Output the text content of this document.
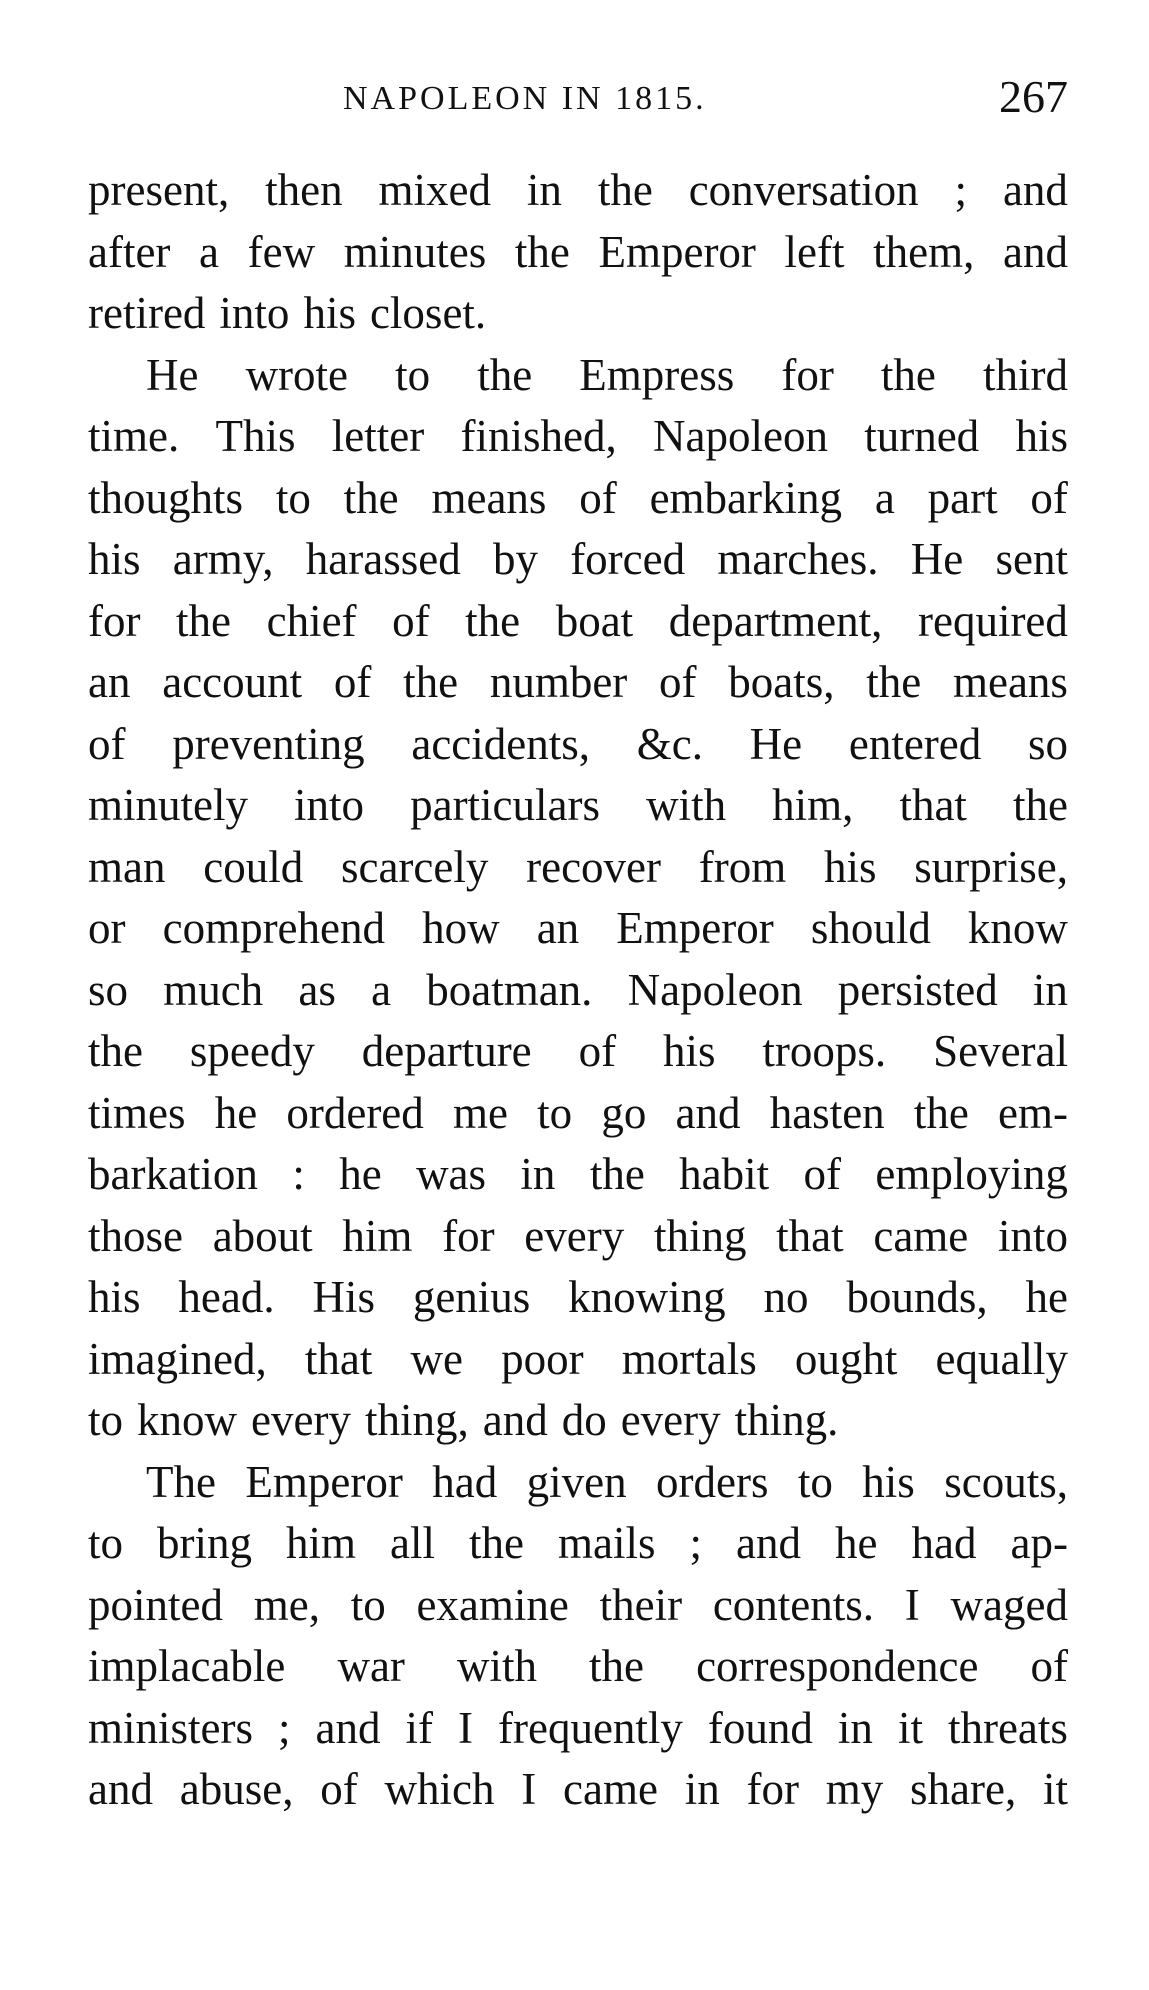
NAPOLEON IN 1815.	267
present, then mixed in the conversation ; and
after a few minutes the Emperor left them, and
retired into his closet.
He wrote to the Empress for the third
time. This letter finished, Napoleon turned his
thoughts to the means of embarking a part of
his army, harassed by forced marches. He sent
for the chief of the boat department, required
an account of the number of boats, the means
of preventing accidents, &c. He entered so
minutely into particulars with him, that the
man could scarcely recover from his surprise,
or comprehend how an Emperor should know
so much as a boatman. Napoleon persisted in
the speedy departure of his troops. Several
times he ordered me to go and hasten the em-
barkation : he was in the habit of employing
those about him for every thing that came into
his head. His genius knowing no bounds, he
imagined, that we poor mortals ought equally
to know every thing, and do every thing.
The Emperor had given orders to his scouts,
to bring him all the mails ; and he had ap-
pointed me, to examine their contents. I waged
implacable war with the correspondence of
ministers ; and if I frequently found in it threats
and abuse, of which I came in for my share, it
